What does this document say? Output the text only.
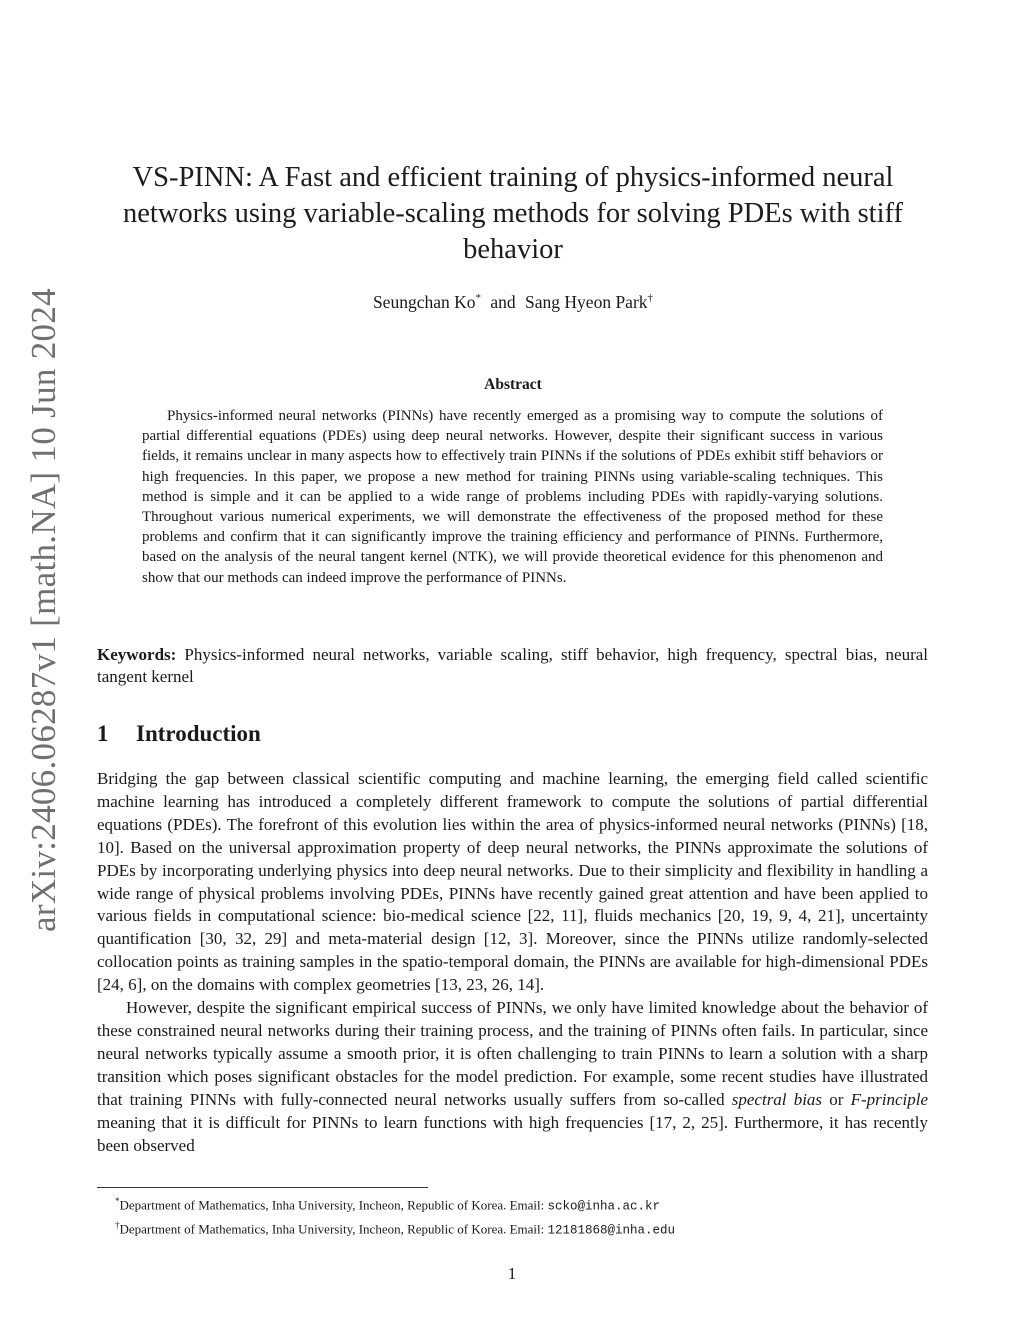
arXiv:2406.06287v1 [math.NA] 10 Jun 2024
VS-PINN: A Fast and efficient training of physics-informed neural
networks using variable-scaling methods for solving PDEs with stiff
behavior
Seungchan Ko* and Sang Hyeon Park†
Abstract

Physics-informed neural networks (PINNs) have recently emerged as a promising way to compute the solutions of partial differential equations (PDEs) using deep neural networks. However, despite their significant success in various fields, it remains unclear in many aspects how to effectively train PINNs if the solutions of PDEs exhibit stiff behaviors or high frequencies. In this paper, we propose a new method for training PINNs using variable-scaling techniques. This method is simple and it can be applied to a wide range of problems including PDEs with rapidly-varying solutions. Throughout various numerical experiments, we will demonstrate the effectiveness of the proposed method for these problems and confirm that it can significantly improve the training efficiency and performance of PINNs. Furthermore, based on the analysis of the neural tangent kernel (NTK), we will provide theoretical evidence for this phenomenon and show that our methods can indeed improve the performance of PINNs.

Keywords: Physics-informed neural networks, variable scaling, stiff behavior, high frequency, spectral bias, neural tangent kernel

1 Introduction

Bridging the gap between classical scientific computing and machine learning, the emerging field called scientific machine learning has introduced a completely different framework to compute the solutions of partial differential equations (PDEs). The forefront of this evolution lies within the area of physics-informed neural networks (PINNs) [18, 10]. Based on the universal approximation property of deep neural networks, the PINNs approximate the solutions of PDEs by incorporating underlying physics into deep neural networks. Due to their simplicity and flexibility in handling a wide range of physical problems involving PDEs, PINNs have recently gained great attention and have been applied to various fields in computational science: bio-medical science [22, 11], fluids mechanics [20, 19, 9, 4, 21], uncertainty quantification [30, 32, 29] and meta-material design [12, 3]. Moreover, since the PINNs utilize randomly-selected collocation points as training samples in the spatio-temporal domain, the PINNs are available for high-dimensional PDEs [24, 6], on the domains with complex geometries [13, 23, 26, 14].

However, despite the significant empirical success of PINNs, we only have limited knowledge about the behavior of these constrained neural networks during their training process, and the training of PINNs often fails. In particular, since neural networks typically assume a smooth prior, it is often challenging to train PINNs to learn a solution with a sharp transition which poses significant obstacles for the model prediction. For example, some recent studies have illustrated that training PINNs with fully-connected neural networks usually suffers from so-called spectral bias or F-principle meaning that it is difficult for PINNs to learn functions with high frequencies [17, 2, 25]. Furthermore, it has recently been observed

*Department of Mathematics, Inha University, Incheon, Republic of Korea. Email: scko@inha.ac.kr
†Department of Mathematics, Inha University, Incheon, Republic of Korea. Email: 12181868@inha.edu
1
